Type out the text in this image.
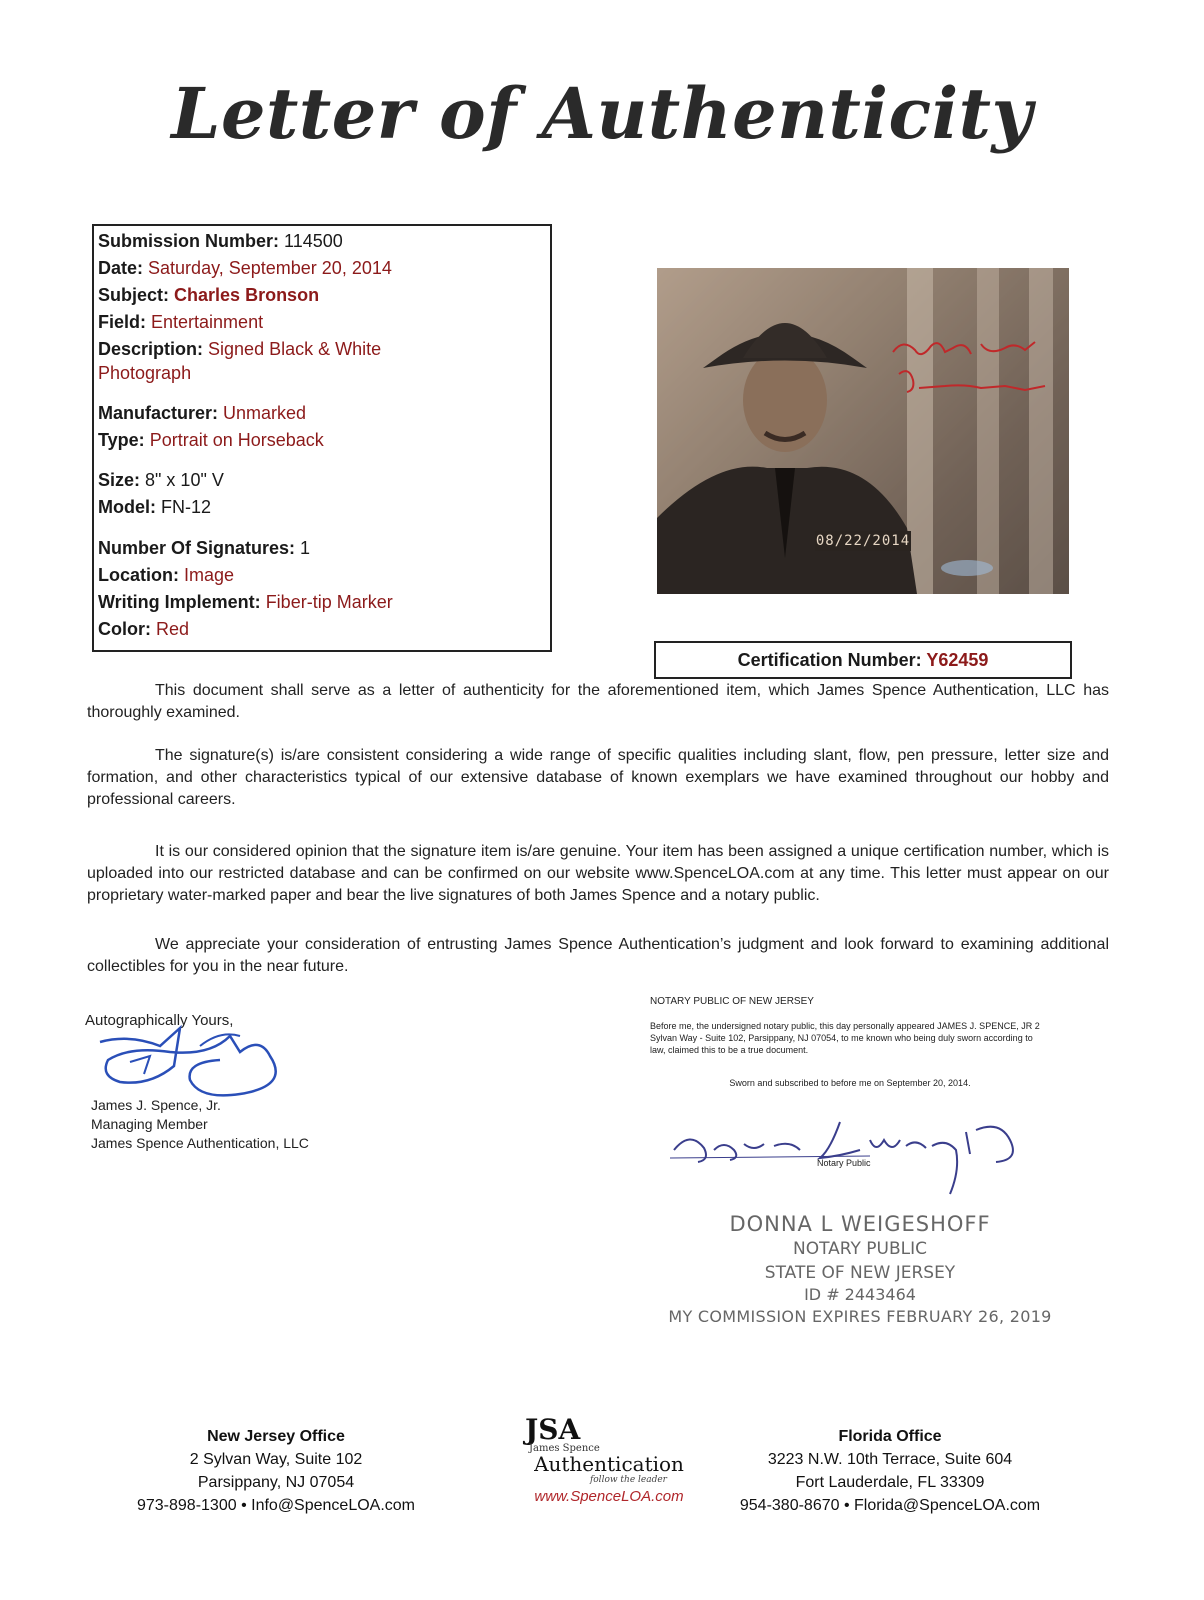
Letter of Authenticity
Submission Number: 114500
Date: Saturday, September 20, 2014
Subject: Charles Bronson
Field: Entertainment
Description: Signed Black & White
Photograph
Manufacturer: Unmarked
Type: Portrait on Horseback
Size: 8" x 10" V
Model: FN-12
Number Of Signatures: 1
Location: Image
Writing Implement: Fiber-tip Marker
Color: Red
08/22/2014
Certification Number: Y62459
This document shall serve as a letter of authenticity for the aforementioned item, which James Spence Authentication, LLC has thoroughly examined.
The signature(s) is/are consistent considering a wide range of specific qualities including slant, flow, pen pressure, letter size and formation, and other characteristics typical of our extensive database of known exemplars we have examined throughout our hobby and professional careers.
It is our considered opinion that the signature item is/are genuine. Your item has been assigned a unique certification number, which is uploaded into our restricted database and can be confirmed on our website www.SpenceLOA.com at any time. This letter must appear on our proprietary water-marked paper and bear the live signatures of both James Spence and a notary public.
We appreciate your consideration of entrusting James Spence Authentication’s judgment and look forward to examining additional collectibles for you in the near future.
Autographically Yours,
James J. Spence, Jr.
Managing Member
James Spence Authentication, LLC
NOTARY PUBLIC OF NEW JERSEY
Before me, the undersigned notary public, this day personally appeared JAMES J. SPENCE, JR 2 Sylvan Way - Suite 102, Parsippany, NJ 07054, to me known who being duly sworn according to law, claimed this to be a true document.
Sworn and subscribed to before me on September 20, 2014.
Notary Public
DONNA L WEIGESHOFF
NOTARY PUBLIC
STATE OF NEW JERSEY
ID # 2443464
MY COMMISSION EXPIRES FEBRUARY 26, 2019
New Jersey Office
2 Sylvan Way, Suite 102
Parsippany, NJ 07054
973-898-1300 • Info@SpenceLOA.com
JSA
James Spence
Authentication
follow the leader
www.SpenceLOA.com
Florida Office
3223 N.W. 10th Terrace, Suite 604
Fort Lauderdale, FL 33309
954-380-8670 • Florida@SpenceLOA.com
